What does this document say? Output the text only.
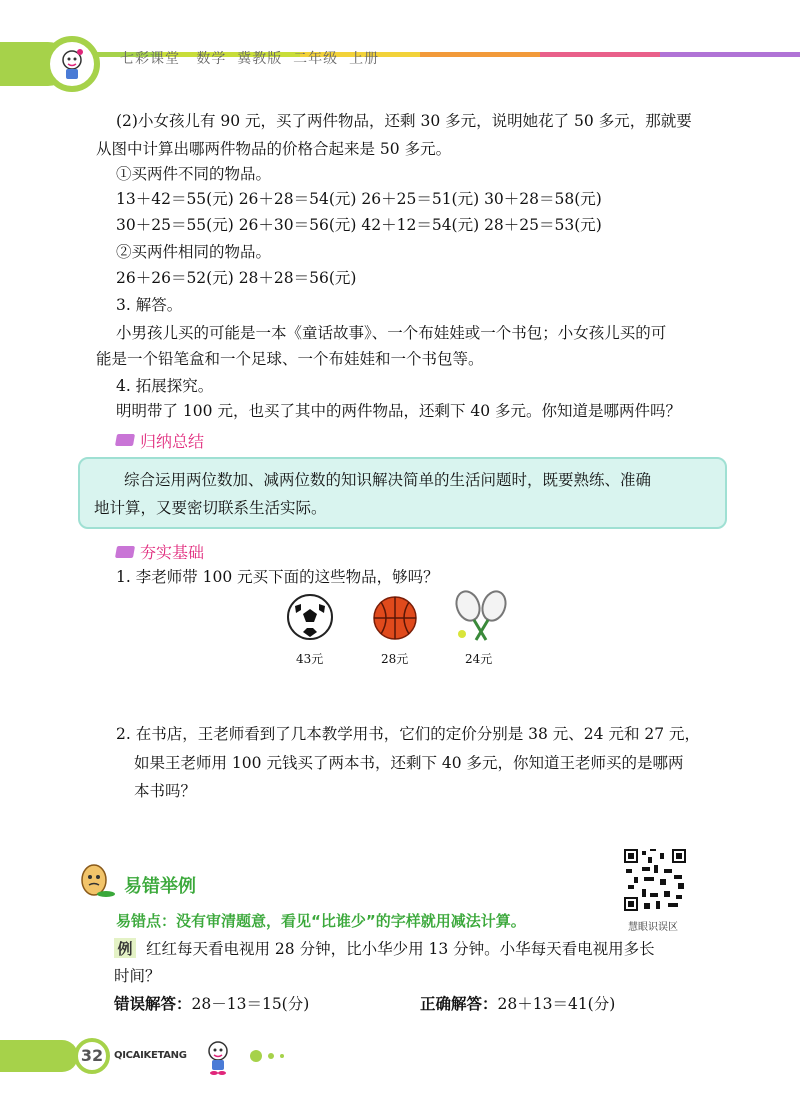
七彩课堂 数学 冀教版 二年级 上册
(2)小女孩儿有 90 元，买了两件物品，还剩 30 多元，说明她花了 50 多元，那就要
从图中计算出哪两件物品的价格合起来是 50 多元。
①买两件不同的物品。
13＋42＝55(元) 26＋28＝54(元) 26＋25＝51(元) 30＋28＝58(元)
30＋25＝55(元) 26＋30＝56(元) 42＋12＝54(元) 28＋25＝53(元)
②买两件相同的物品。
26＋26＝52(元) 28＋28＝56(元)
3. 解答。
小男孩儿买的可能是一本《童话故事》、一个布娃娃或一个书包；小女孩儿买的可
能是一个铅笔盒和一个足球、一个布娃娃和一个书包等。
4. 拓展探究。
明明带了 100 元，也买了其中的两件物品，还剩下 40 多元。你知道是哪两件吗？
归纳总结
综合运用两位数加、减两位数的知识解决简单的生活问题时，既要熟练、准确
地计算，又要密切联系生活实际。
夯实基础
1. 李老师带 100 元买下面的这些物品，够吗？
43元	28元	24元
2. 在书店，王老师看到了几本教学用书，它们的定价分别是 38 元、24 元和 27 元，
如果王老师用 100 元钱买了两本书，还剩下 40 多元，你知道王老师买的是哪两
本书吗？
易错举例
慧眼识误区
易错点：没有审清题意，看见“比谁少”的字样就用减法计算。
例 红红每天看电视用 28 分钟，比小华少用 13 分钟。小华每天看电视用多长
时间？
错误解答：28－13＝15(分)	正确解答：28＋13＝41(分)
32	QICAIKETANG
